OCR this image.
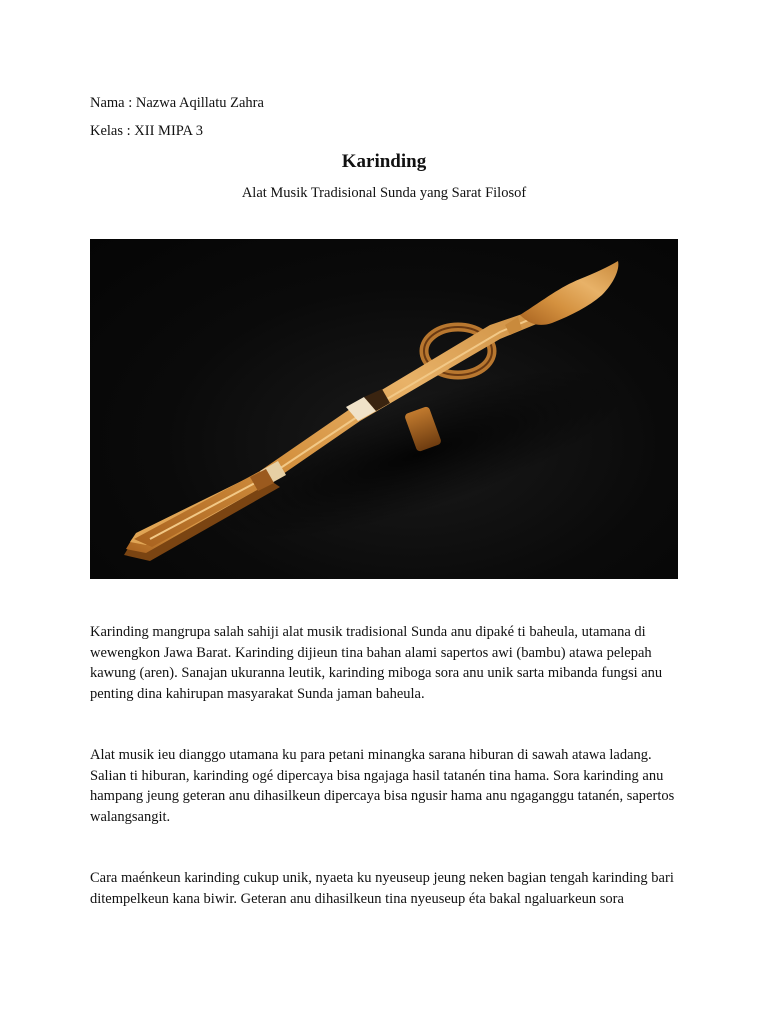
Nama : Nazwa Aqillatu Zahra
Kelas : XII MIPA 3
Karinding
Alat Musik Tradisional Sunda yang Sarat Filosof
Karinding mangrupa salah sahiji alat musik tradisional Sunda anu dipaké ti baheula, utamana di wewengkon Jawa Barat. Karinding dijieun tina bahan alami sapertos awi (bambu) atawa pelepah kawung (aren). Sanajan ukuranna leutik, karinding miboga sora anu unik sarta mibanda fungsi anu penting dina kahirupan masyarakat Sunda jaman baheula.
Alat musik ieu dianggo utamana ku para petani minangka sarana hiburan di sawah atawa ladang. Salian ti hiburan, karinding ogé dipercaya bisa ngajaga hasil tatanén tina hama. Sora karinding anu hampang jeung geteran anu dihasilkeun dipercaya bisa ngusir hama anu ngaganggu tatanén, sapertos walangsangit.
Cara maénkeun karinding cukup unik, nyaeta ku nyeuseup jeung neken bagian tengah karinding bari ditempelkeun kana biwir. Geteran anu dihasilkeun tina nyeuseup éta bakal ngaluarkeun sora
